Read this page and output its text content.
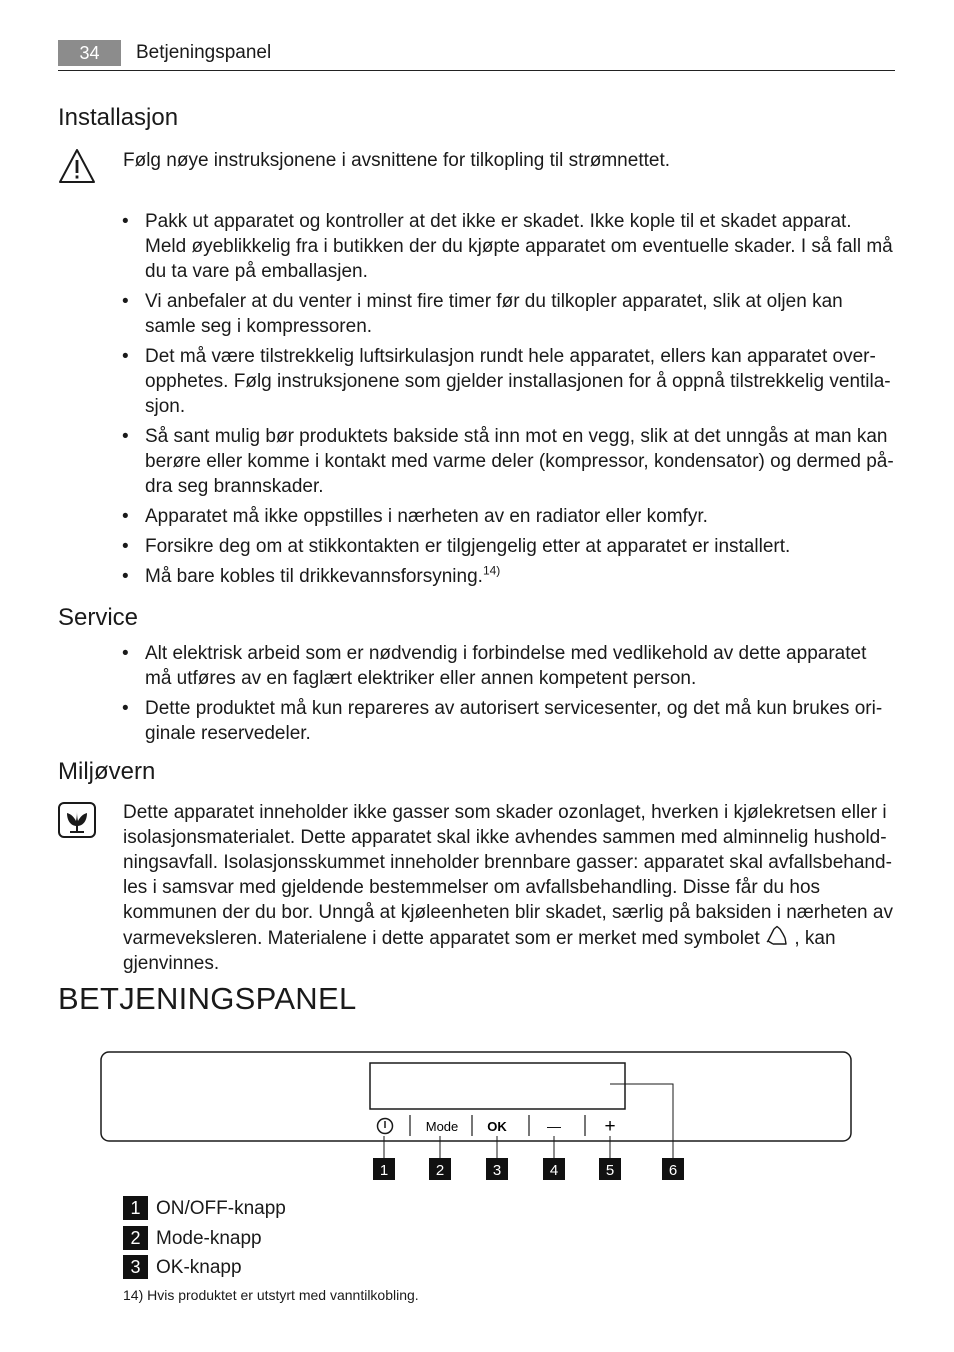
34	Betjeningspanel
Installasjon
Følg nøye instruksjonene i avsnittene for tilkopling til strømnettet.
• Pakk ut apparatet og kontroller at det ikke er skadet. Ikke kople til et skadet apparat. Meld øyeblikkelig fra i butikken der du kjøpte apparatet om eventuelle skader. I så fall må du ta vare på emballasjen.
• Vi anbefaler at du venter i minst fire timer før du tilkopler apparatet, slik at oljen kan samle seg i kompressoren.
• Det må være tilstrekkelig luftsirkulasjon rundt hele apparatet, ellers kan apparatet overopphetes. Følg instruksjonene som gjelder installasjonen for å oppnå tilstrekkelig ventilasjon.
• Så sant mulig bør produktets bakside stå inn mot en vegg, slik at det unngås at man kan berøre eller komme i kontakt med varme deler (kompressor, kondensator) og dermed pådra seg brannskader.
• Apparatet må ikke oppstilles i nærheten av en radiator eller komfyr.
• Forsikre deg om at stikkontakten er tilgjengelig etter at apparatet er installert.
• Må bare kobles til drikkevannsforsyning.$^{14)}$
Service
• Alt elektrisk arbeid som er nødvendig i forbindelse med vedlikehold av dette apparatet må utføres av en faglært elektriker eller annen kompetent person.
• Dette produktet må kun repareres av autorisert servicesenter, og det må kun brukes originale reservedeler.
Miljøvern
Dette apparatet inneholder ikke gasser som skader ozonlaget, hverken i kjølekretsen eller i isolasjonsmaterialet. Dette apparatet skal ikke avhendes sammen med alminnelig husholdningsavfall. Isolasjonsskummet inneholder brennbare gasser: apparatet skal avfallsbehandles i samsvar med gjeldende bestemmelser om avfallsbehandling. Disse får du hos kommunen der du bor. Unngå at kjøleenheten blir skadet, særlig på baksiden i nærheten av varmeveksleren. Materialene i dette apparatet som er merket med symbolet , kan gjenvinnes.
BETJENINGSPANEL
Mode OK	— +
1	2	3	4	5	6
1 ON/OFF-knapp
2 Mode-knapp
3 OK-knapp
14) Hvis produktet er utstyrt med vanntilkobling.
